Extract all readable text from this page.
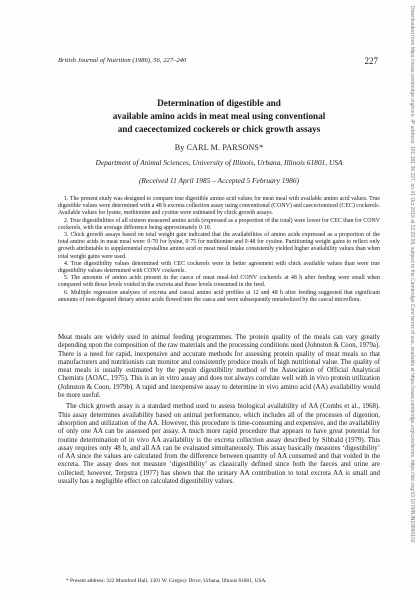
British Journal of Nutrition (1986), 56, 227–240	227	Downloaded from https://www.cambridge.org/core. IP address: 101.181.36.227, on 01 Oct 2019 at 12:20:08, subject to the Cambridge Core terms of use, available at https://www.cambridge.org/core/terms. https://doi.org/10.1079/BJN19860102
Determination of digestible and
available amino acids in meat meal using conventional
and caecectomized cockerels or chick growth assays
By CARL M. PARSONS*
Department of Animal Sciences, University of Illinois, Urbana, Illinois 61801, USA
(Received 11 April 1985 – Accepted 5 February 1986)

1. The present study was designed to compare true digestible amino acid values for meat meal with available amino acid values. True digestible values were determined with a 48 h excreta collection assay using conventional (CONV) and caecectomized (CEC) cockerels. Available values for lysine, methionine and cystine were estimated by chick growth assays.

2. True digestibilities of all sixteen measured amino acids (expressed as a proportion of the total) were lower for CEC than for CONV cockerels, with the average difference being approximately 0·10.

3. Chick growth assays based on total weight gain indicated that the availabilities of amino acids expressed as a proportion of the total amino acids in meat meal were: 0·70 for lysine, 0·75 for methionine and 0·48 for cystine. Partitioning weight gains to reflect only growth attributable to supplemental crystalline amino acid or meat meal intake consistently yielded higher availability values than when total weight gains were used.

4. True digestibility values determined with CEC cockerels were in better agreement with chick available values than were true digestibility values determined with CONV cockerels.

5. The amounts of amino acids present in the caeca of meat meal-fed CONV cockerels at 48 h after feeding were small when compared with those levels voided in the excreta and those levels consumed in the feed.

6. Multiple regression analyses of excreta and caecal amino acid profiles at 12 and 48 h after feeding suggested that significant amounts of non-digested dietary amino acids flowed into the caeca and were subsequently metabolized by the caecal microflora.

Meat meals are widely used in animal feeding programmes. The protein quality of the meals can vary greatly depending upon the composition of the raw materials and the processing conditions used (Johnston & Coon, 1979a). There is a need for rapid, inexpensive and accurate methods for assessing protein quality of meat meals so that manufacturers and nutritionists can monitor and consistently produce meals of high nutritional value. The quality of meat meals is usually estimated by the pepsin digestibility method of the Association of Official Analytical Chemists (AOAC, 1975). This is an in vitro assay and does not always correlate well with in vivo protein utilization (Johnston & Coon, 1979b). A rapid and inexpensive assay to determine in vivo amino acid (AA) availability would be more useful.

The chick growth assay is a standard method used to assess biological availability of AA (Combs et al., 1968). This assay determines availability based on animal performance, which includes all of the processes of digestion, absorption and utilization of the AA. However, this procedure is time-consuming and expensive, and the availability of only one AA can be assessed per assay. A much more rapid procedure that appears to have great potential for routine determination of in vivo AA availability is the excreta collection assay described by Sibbald (1979). This assay requires only 48 h, and all AA can be evaluated simultaneously. This assay basically measures ‘digestibility’ of AA since the values are calculated from the difference between quantity of AA consumed and that voided in the excreta. The assay does not measure ‘digestibility’ as classically defined since both the faeces and urine are collected; however, Terpstra (1977) has shown that the urinary AA contribution to total excreta AA is small and usually has a negligible effect on calculated digestibility values.

* Present address: 322 Mumford Hall, 1301 W. Gregory Drive, Urbana, Illinois 61801, USA.
